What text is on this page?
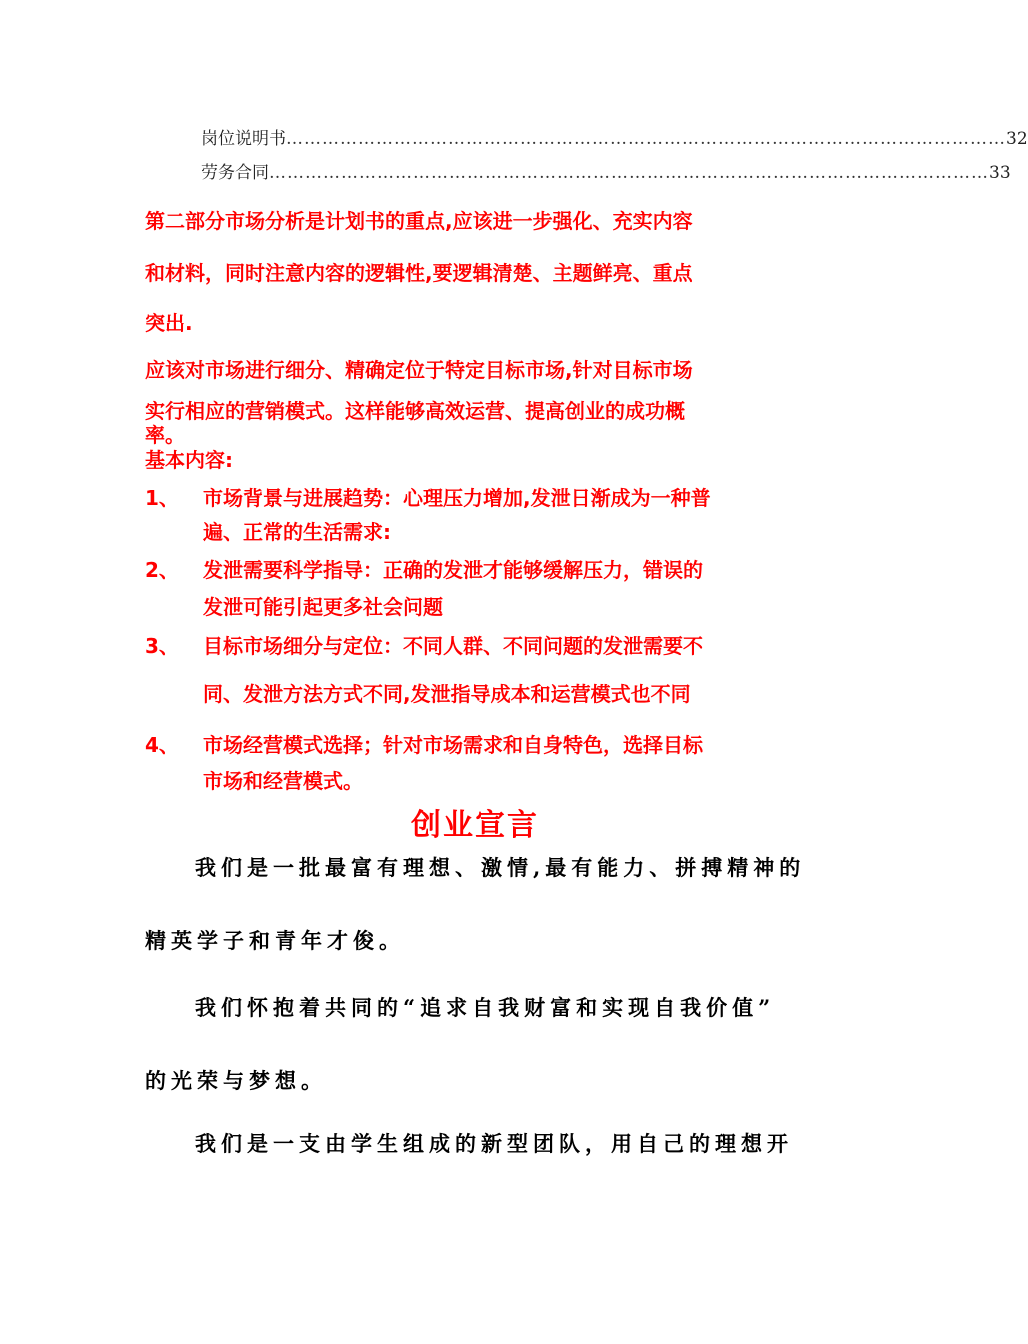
岗位说明书 ………………………………………………………………………………………………………… 32
劳务合同 ………………………………………………………………………………………………………… 33
第二部分市场分析是计划书的重点,应该进一步强化、充实内容
和材料，同时注意内容的逻辑性,要逻辑清楚、主题鲜亮、重点
突出.
应该对市场进行细分、精确定位于特定目标市场,针对目标市场
实行相应的营销模式。这样能够高效运营、提高创业的成功概
率。
基本内容:
1、 市场背景与进展趋势：心理压力增加,发泄日渐成为一种普
遍、正常的生活需求:
2、 发泄需要科学指导：正确的发泄才能够缓解压力，错误的
发泄可能引起更多社会问题
3、 目标市场细分与定位：不同人群、不同问题的发泄需要不
同、发泄方法方式不同,发泄指导成本和运营模式也不同
4、 市场经营模式选择；针对市场需求和自身特色，选择目标
市场和经营模式。
创业宣言
我们是一批最富有理想、激情,最有能力、拼搏精神的
精英学子和青年才俊。
我们怀抱着共同的“追求自我财富和实现自我价值”
的光荣与梦想。
我们是一支由学生组成的新型团队，用自己的理想开
